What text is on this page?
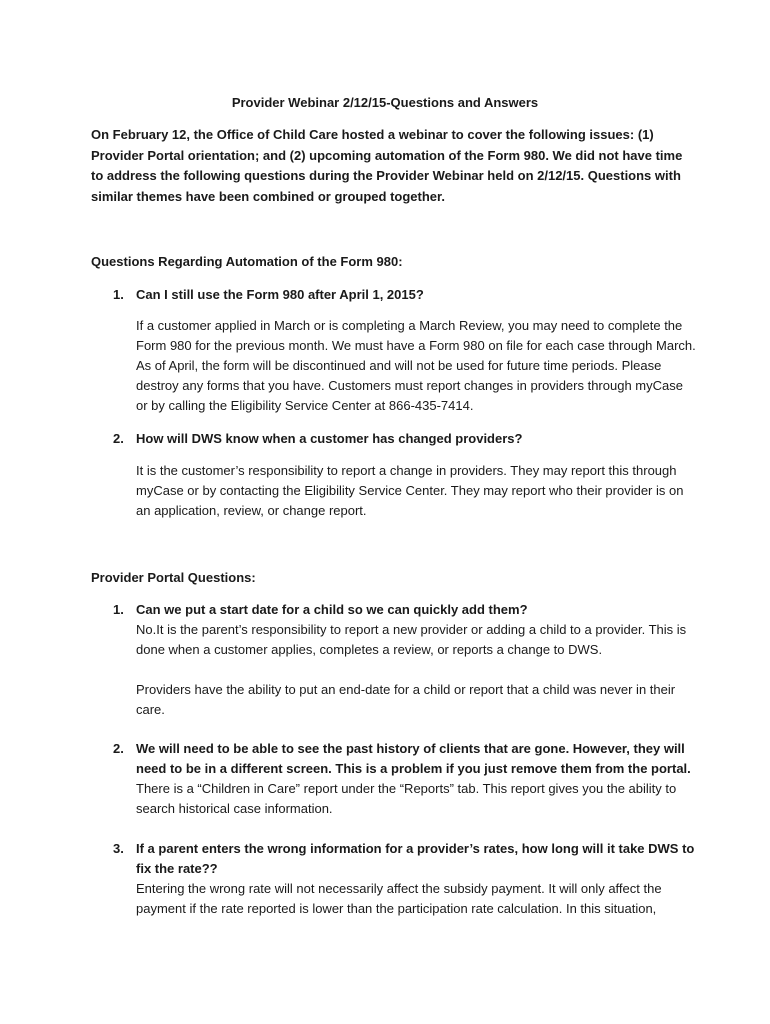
Provider Webinar 2/12/15-Questions and Answers
On February 12, the Office of Child Care hosted a webinar to cover the following issues: (1) Provider Portal orientation; and (2) upcoming automation of the Form 980. We did not have time to address the following questions during the Provider Webinar held on 2/12/15. Questions with similar themes have been combined or grouped together.
Questions Regarding Automation of the Form 980:
1. Can I still use the Form 980 after April 1, 2015?
If a customer applied in March or is completing a March Review, you may need to complete the Form 980 for the previous month. We must have a Form 980 on file for each case through March. As of April, the form will be discontinued and will not be used for future time periods. Please destroy any forms that you have. Customers must report changes in providers through myCase or by calling the Eligibility Service Center at 866-435-7414.
2. How will DWS know when a customer has changed providers?
It is the customer’s responsibility to report a change in providers. They may report this through myCase or by contacting the Eligibility Service Center. They may report who their provider is on an application, review, or change report.
Provider Portal Questions:
1. Can we put a start date for a child so we can quickly add them?
No.It is the parent’s responsibility to report a new provider or adding a child to a provider. This is done when a customer applies, completes a review, or reports a change to DWS.
Providers have the ability to put an end-date for a child or report that a child was never in their care.
2. We will need to be able to see the past history of clients that are gone. However, they will need to be in a different screen. This is a problem if you just remove them from the portal.
There is a “Children in Care” report under the “Reports” tab. This report gives you the ability to search historical case information.
3. If a parent enters the wrong information for a provider’s rates, how long will it take DWS to fix the rate??
Entering the wrong rate will not necessarily affect the subsidy payment. It will only affect the payment if the rate reported is lower than the participation rate calculation. In this situation,
